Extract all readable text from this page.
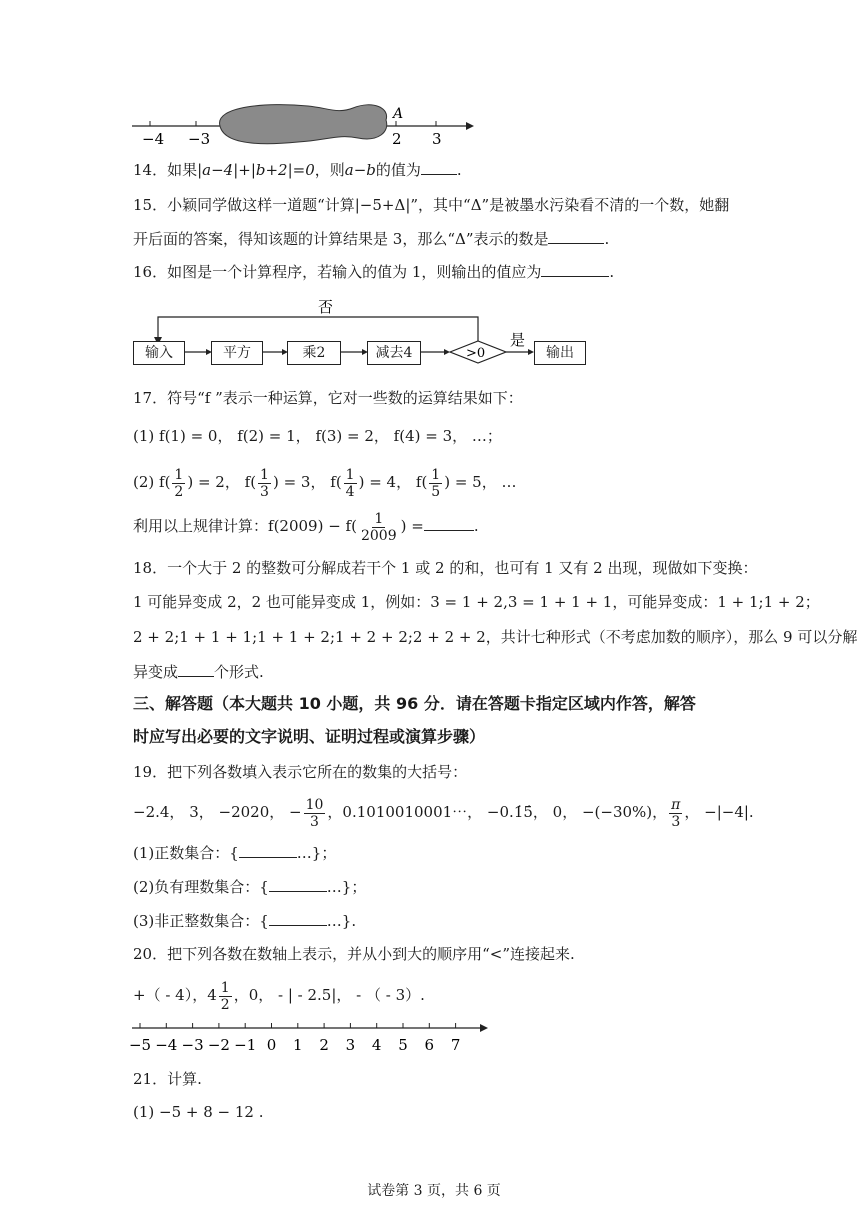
−4 −3	2 3
A
14．如果|a−4|+|b+2|=0，则a−b的值为 .
15．小颖同学做这样一道题“计算|−5+Δ|”，其中“Δ”是被墨水污染看不清的一个数，她翻
开后面的答案，得知该题的计算结果是 3，那么“Δ”表示的数是	.
16．如图是一个计算程序，若输入的值为 1，则输出的值应为	.
>0
否
是
输入	平方	乘2	减去4	输出
17．符号“f ”表示一种运算，它对一些数的运算结果如下：
(1) f(1) = 0， f(2) = 1， f(3) = 2， f(4) = 3， …；
(2) $f( \frac{1}{2}$ ) = 2， $f( \frac{1}{3}$ ) = 3， $f( \frac{1}{4}$ ) = 4， $f( \frac{1}{5}$ ) = 5， …
利用以上规律计算：$f(2009) - f( \frac{1}{2009}$ ) =	.
18．一个大于 2 的整数可分解成若干个 1 或 2 的和，也可有 1 又有 2 出现，现做如下变换：
1 可能异变成 2，2 也可能异变成 1，例如：3 = 1 + 2,3 = 1 + 1 + 1，可能异变成：1 + 1;1 + 2；
2 + 2;1 + 1 + 1;1 + 1 + 2;1 + 2 + 2;2 + 2 + 2，共计七种形式（不考虑加数的顺序），那么 9 可以分解
异变成 个形式.
三、解答题（本大题共 10 小题，共 96 分．请在答题卡指定区域内作答，解答
时应写出必要的文字说明、证明过程或演算步骤）
19．把下列各数填入表示它所在的数集的大括号：
−2.4， 3， −2020， − $\frac{10}{3}$ ，0.1010010001⋯， −0.1̇5̇， 0， −(−30%)， $\frac{\pi}{3}$ ， −|−4|.
(1)正数集合：{	…}；
(2)负有理数集合：{	…}；
(3)非正整数集合：{	…}.
20．把下列各数在数轴上表示，并从小到大的顺序用“<”连接起来.
+（ - 4），$4 \frac{1}{2}$ ，0， - | - 2.5|， - （ - 3）.
−5 −4 −3 −2 −1 0 1 2 3 4 5 6 7
21．计算.
(1) −5 + 8 − 12 .
试卷第 3 页，共 6 页
